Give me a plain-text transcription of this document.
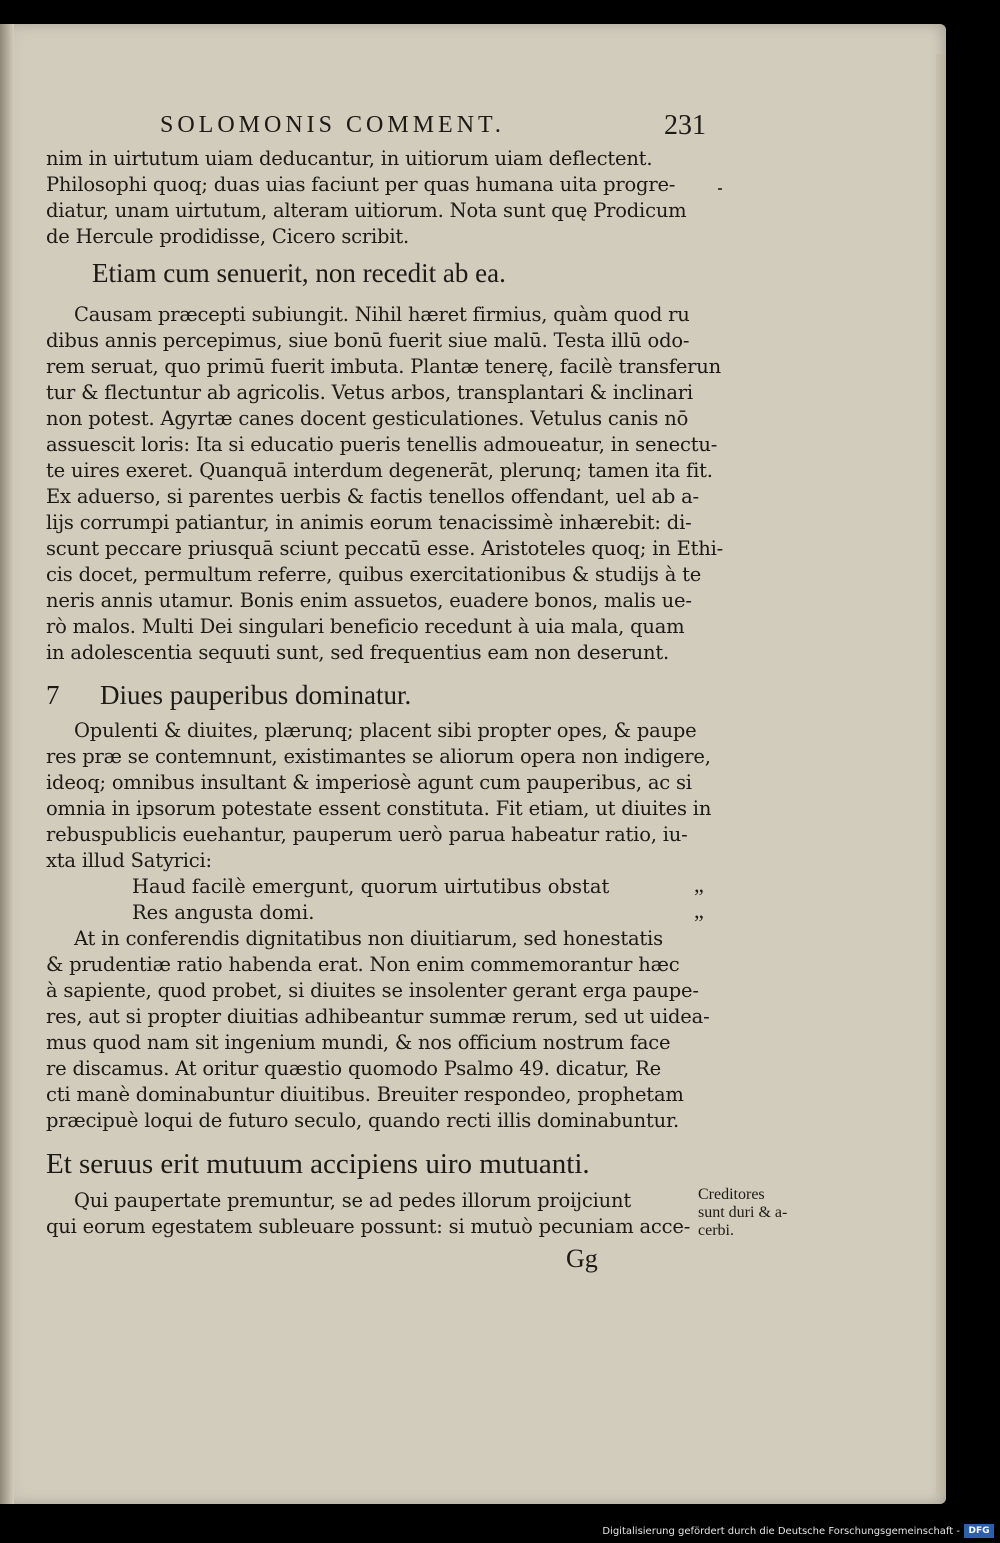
SOLOMONIS COMMENT.	231
nim in uirtutum uiam deducantur, in uitiorum uiam deflectent.
Philosophi quoq; duas uias faciunt per quas humana uita progre-
diatur, unam uirtutum, alteram uitiorum. Nota sunt quę Prodicum
de Hercule prodidisse, Cicero scribit.
Etiam cum senuerit, non recedit ab ea.
Causam præcepti subiungit. Nihil hæret firmius, quàm quod ru
dibus annis percepimus, siue bonū fuerit siue malū. Testa illū odo-
rem seruat, quo primū fuerit imbuta. Plantæ tenerę, facilè transferun
tur & flectuntur ab agricolis. Vetus arbos, transplantari & inclinari
non potest. Agyrtæ canes docent gesticulationes. Vetulus canis nō
assuescit loris: Ita si educatio pueris tenellis admoueatur, in senectu-
te uires exeret. Quanquā interdum degenerāt, plerunq; tamen ita fit.
Ex aduerso, si parentes uerbis & factis tenellos offendant, uel ab a-
lijs corrumpi patiantur, in animis eorum tenacissimè inhærebit: di-
scunt peccare priusquā sciunt peccatū esse. Aristoteles quoq; in Ethi-
cis docet, permultum referre, quibus exercitationibus & studijs à te
neris annis utamur. Bonis enim assuetos, euadere bonos, malis ue-
rò malos. Multi Dei singulari beneficio recedunt à uia mala, quam
in adolescentia sequuti sunt, sed frequentius eam non deserunt.
7 Diues pauperibus dominatur.
Opulenti & diuites, plærunq; placent sibi propter opes, & paupe
res præ se contemnunt, existimantes se aliorum opera non indigere,
ideoq; omnibus insultant & imperiosè agunt cum pauperibus, ac si
omnia in ipsorum potestate essent constituta. Fit etiam, ut diuites in
rebuspublicis euehantur, pauperum uerò parua habeatur ratio, iu-
xta illud Satyrici:
Haud facilè emergunt, quorum uirtutibus obstat
Res angusta domi.
”
”
At in conferendis dignitatibus non diuitiarum, sed honestatis
& prudentiæ ratio habenda erat. Non enim commemorantur hæc
à sapiente, quod probet, si diuites se insolenter gerant erga paupe-
res, aut si propter diuitias adhibeantur summæ rerum, sed ut uidea-
mus quod nam sit ingenium mundi, & nos officium nostrum face
re discamus. At oritur quæstio quomodo Psalmo 49. dicatur, Re
cti manè dominabuntur diuitibus. Breuiter respondeo, prophetam
præcipuè loqui de futuro seculo, quando recti illis dominabuntur.
Et seruus erit mutuum accipiens uiro mutuanti.
Qui paupertate premuntur, se ad pedes illorum proijciunt
qui eorum egestatem subleuare possunt: si mutuò pecuniam acce-
Creditores
sunt duri & a-
cerbi.
Gg
Digitalisierung gefördert durch die Deutsche Forschungsgemeinschaft - DFG
